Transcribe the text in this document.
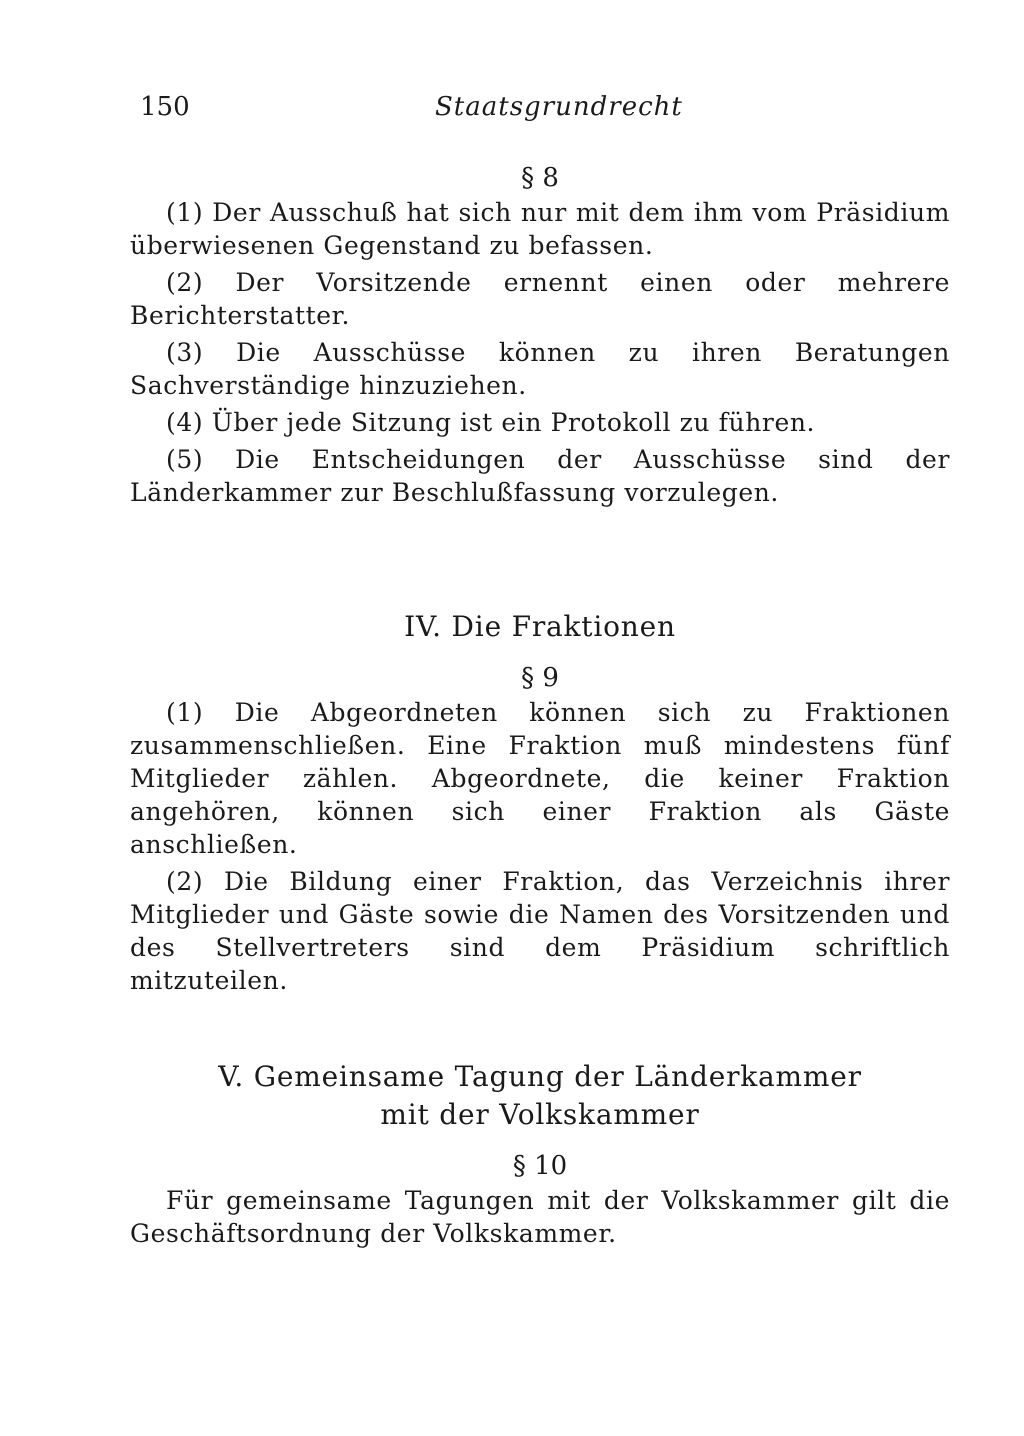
150	Staatsgrundrecht

§ 8

(1) Der Ausschuß hat sich nur mit dem ihm vom Präsidium überwiesenen Gegenstand zu befassen.

(2) Der Vorsitzende ernennt einen oder mehrere Berichterstatter.

(3) Die Ausschüsse können zu ihren Beratungen Sachverständige hinzuziehen.

(4) Über jede Sitzung ist ein Protokoll zu führen.

(5) Die Entscheidungen der Ausschüsse sind der Länderkammer zur Beschlußfassung vorzulegen.

IV. Die Fraktionen

§ 9

(1) Die Abgeordneten können sich zu Fraktionen zusammenschließen. Eine Fraktion muß mindestens fünf Mitglieder zählen. Abgeordnete, die keiner Fraktion angehören, können sich einer Fraktion als Gäste anschließen.

(2) Die Bildung einer Fraktion, das Verzeichnis ihrer Mitglieder und Gäste sowie die Namen des Vorsitzenden und des Stellvertreters sind dem Präsidium schriftlich mitzuteilen.

V. Gemeinsame Tagung der Länderkammer

mit der Volkskammer

§ 10

Für gemeinsame Tagungen mit der Volkskammer gilt die Geschäftsordnung der Volkskammer.
